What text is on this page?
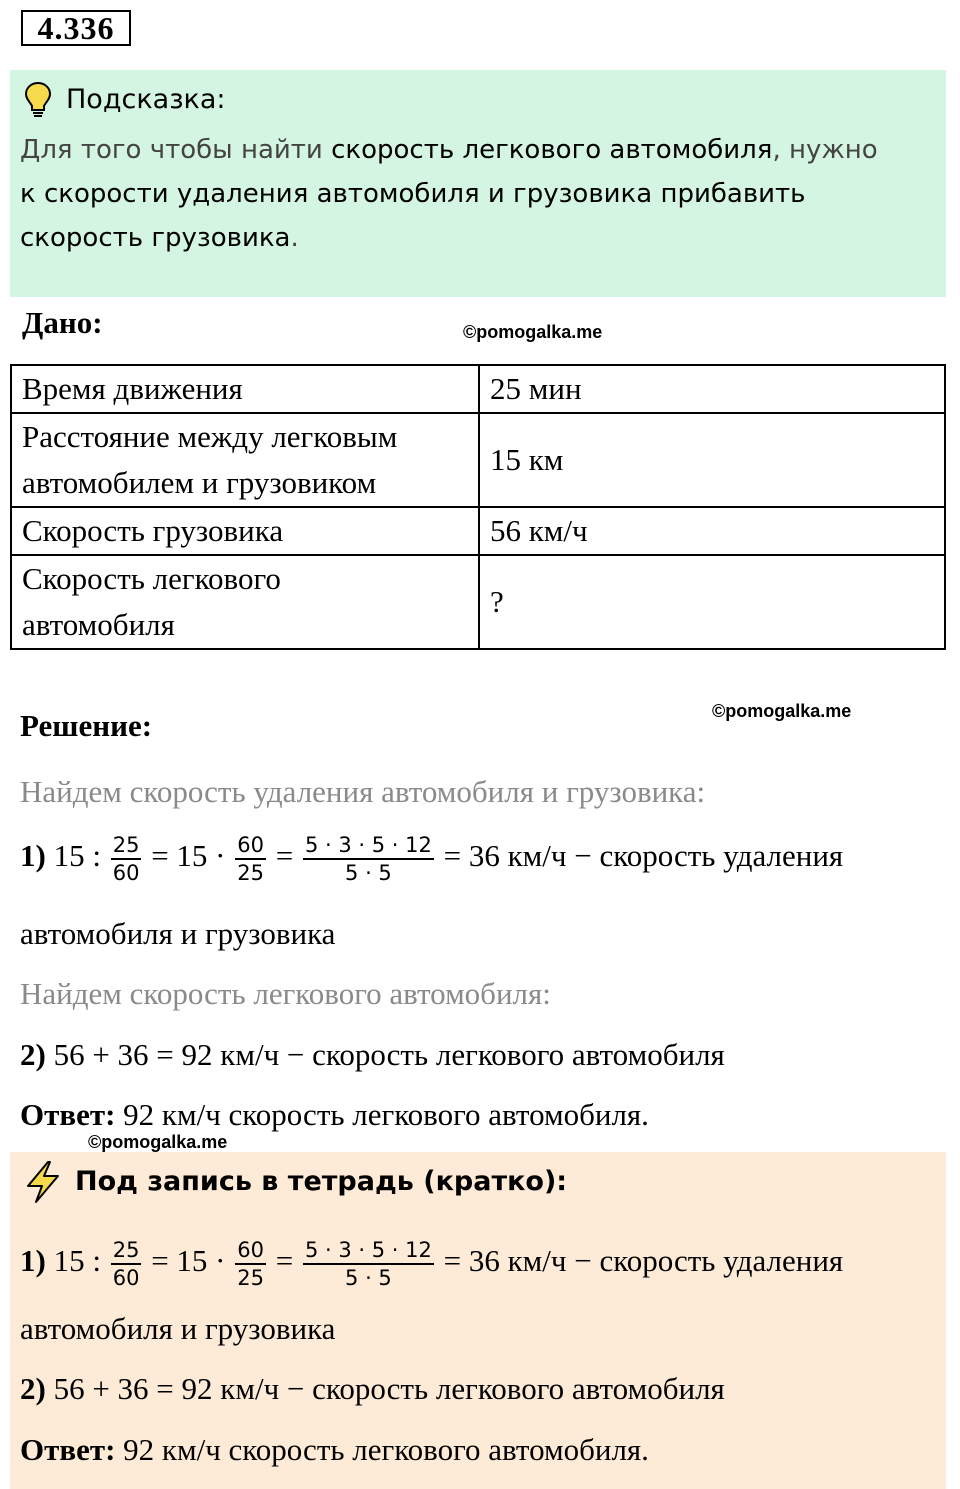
4.336
Подсказка:
Для того чтобы найти скорость легкового автомобиля, нужно
к скорости удаления автомобиля и грузовика прибавить
скорость грузовика.
Дано:	©pomogalka.me
Время движения	25 мин
Расстояние между легковым
автомобилем и грузовиком	15 км
Скорость грузовика	56 км/ч
Скорость легкового
автомобиля	?
Решение:	©pomogalka.me
Найдем скорость удаления автомобиля и грузовика:
1) 15 : $\frac{25}{60} = 15 \cdot \frac{60}{25} = \frac{5 \cdot 3 \cdot 5 \cdot 12}{5 \cdot 5} = 36$ км/ч − скорость удаления
автомобиля и грузовика
Найдем скорость легкового автомобиля:
2) 56 + 36 = 92 км/ч − скорость легкового автомобиля
Ответ: 92 км/ч скорость легкового автомобиля.
©pomogalka.me
Под запись в тетрадь (кратко):
1) 15 : $\frac{25}{60} = 15 \cdot \frac{60}{25} = \frac{5 \cdot 3 \cdot 5 \cdot 12}{5 \cdot 5} = 36$ км/ч − скорость удаления
автомобиля и грузовика
2) 56 + 36 = 92 км/ч − скорость легкового автомобиля
Ответ: 92 км/ч скорость легкового автомобиля.
